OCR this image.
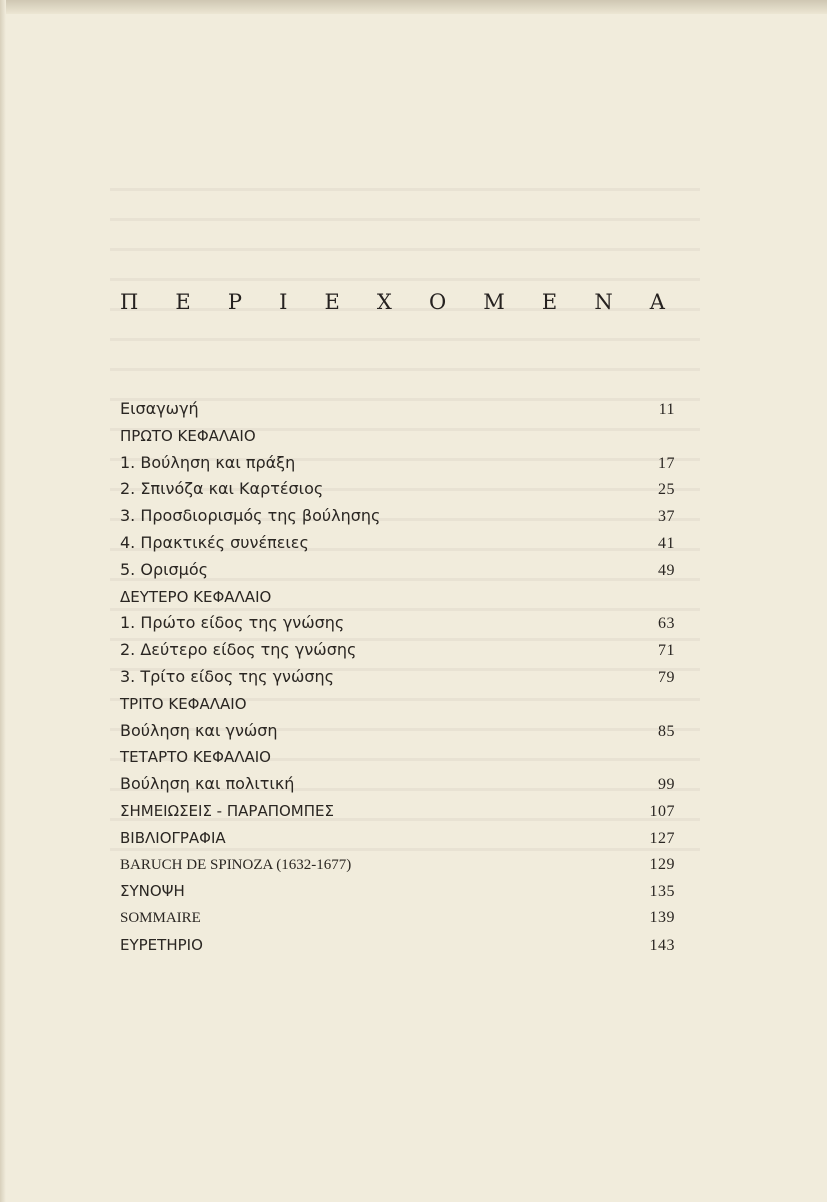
Π Ε Ρ Ι Ε Χ Ο Μ Ε Ν Α
Εισαγωγή	11
ΠΡΩΤΟ ΚΕΦΑΛΑΙΟ
1. Βούληση και πράξη	17
2. Σπινόζα και Καρτέσιος	25
3. Προσδιορισμός της βούλησης	37
4. Πρακτικές συνέπειες	41
5. Ορισμός	49
ΔΕΥΤΕΡΟ ΚΕΦΑΛΑΙΟ
1. Πρώτο είδος της γνώσης	63
2. Δεύτερο είδος της γνώσης	71
3. Τρίτο είδος της γνώσης	79
ΤΡΙΤΟ ΚΕΦΑΛΑΙΟ
Βούληση και γνώση	85
ΤΕΤΑΡΤΟ ΚΕΦΑΛΑΙΟ
Βούληση και πολιτική	99
ΣΗΜΕΙΩΣΕΙΣ - ΠΑΡΑΠΟΜΠΕΣ	107
ΒΙΒΛΙΟΓΡΑΦΙΑ	127
BARUCH DE SPINOZA (1632-1677)	129
ΣΥΝΟΨΗ	135
SOMMAIRE	139
ΕΥΡΕΤΗΡΙΟ	143
